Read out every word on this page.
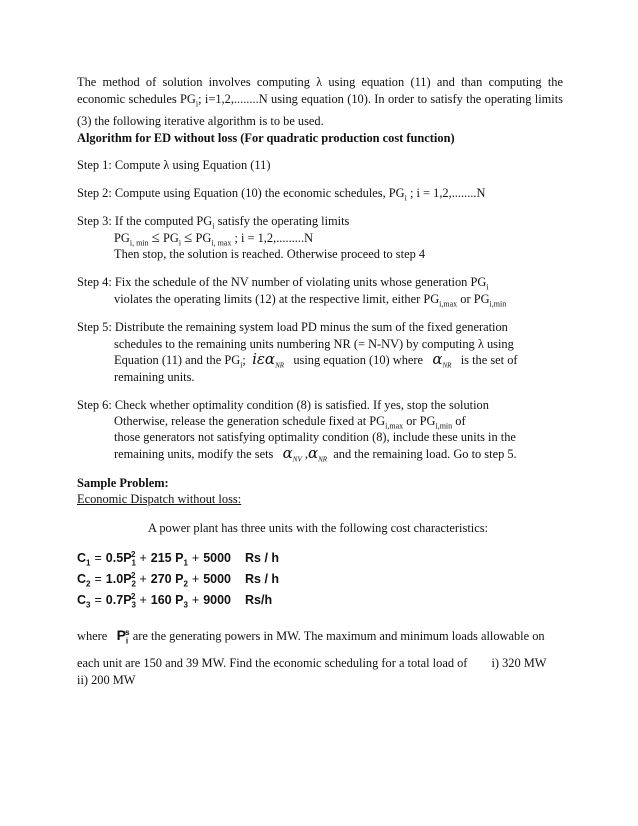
The method of solution involves computing λ using equation (11) and than computing the economic schedules $PG_i$; i=1,2,........N using equation (10). In order to satisfy the operating limits (3) the following iterative algorithm is to be used.
Algorithm for ED without loss (For quadratic production cost function)
Step 1: Compute λ using Equation (11)
Step 2: Compute using Equation (10) the economic schedules, $PG_i$ ; i = 1,2,........N
Step 3: If the computed $PG_i$ satisfy the operating limits
$PG_{i, min} \le PG_i \le PG_{i, max}$ ; i = 1,2,.........N
Then stop, the solution is reached. Otherwise proceed to step 4
Step 4: Fix the schedule of the NV number of violating units whose generation $PG_i$
violates the operating limits (12) at the respective limit, either $PG_{i,max}$ or $PG_{i,min}$
Step 5: Distribute the remaining system load PD minus the sum of the fixed generation
schedules to the remaining units numbering NR (= N-NV) by computing λ using
Equation (11) and the $PG_i$; iεα$_{NR}$ using equation (10) where $\alpha_{NR}$ is the set of
remaining units.
Step 6: Check whether optimality condition (8) is satisfied. If yes, stop the solution
Otherwise, release the generation schedule fixed at $PG_{i,max}$ or $PG_{i,min}$ of
those generators not satisfying optimality condition (8), include these units in the
remaining units, modify the sets $\alpha_{NV}$ $,\alpha_{NR}$ and the remaining load. Go to step 5.
Sample Problem:
Economic Dispatch without loss:
A power plant has three units with the following cost characteristics:
$C_1 = 0.5P_1^2 + 215$ $P_1 + 5000$ Rs / h
$C_2 = 1.0P_2^2 + 270$ $P_2 + 5000$ Rs / h
$C_3 = 0.7P_3^2 + 160$ $P_3 + 9000$ Rs/h
where $P_i^s$ are the generating powers in MW. The maximum and minimum loads allowable on
each unit are 150 and 39 MW. Find the economic scheduling for a total load of i) 320 MW
ii) 200 MW
